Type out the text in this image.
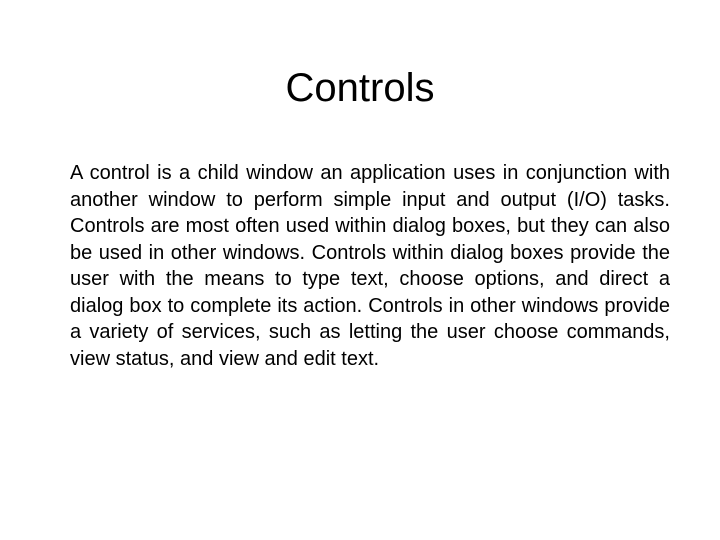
Controls

A control is a child window an application uses in conjunction with another window to perform simple input and output (I/O) tasks. Controls are most often used within dialog boxes, but they can also be used in other windows. Controls within dialog boxes provide the user with the means to type text, choose options, and direct a dialog box to complete its action. Controls in other windows provide a variety of services, such as letting the user choose commands, view status, and view and edit text.
